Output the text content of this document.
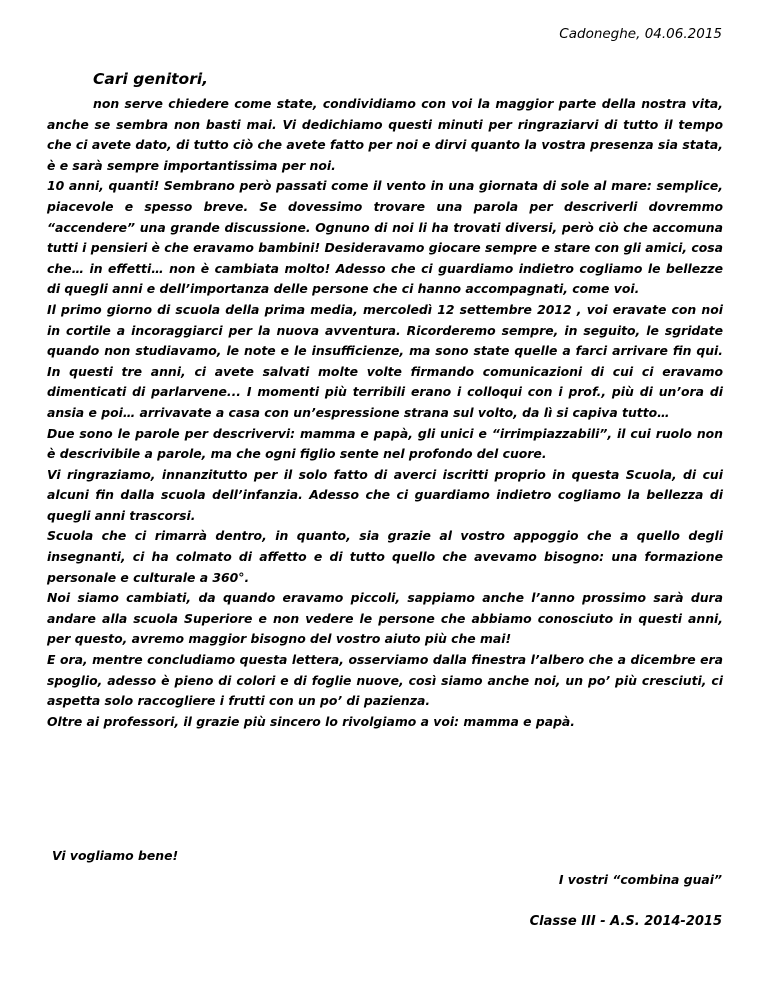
Cadoneghe, 04.06.2015
Cari genitori,

non serve chiedere come state, condividiamo con voi la maggior parte della nostra vita, anche se sembra non basti mai. Vi dedichiamo questi minuti per ringraziarvi di tutto il tempo che ci avete dato, di tutto ciò che avete fatto per noi e dirvi quanto la vostra presenza sia stata, è e sarà sempre importantissima per noi.

10 anni, quanti! Sembrano però passati come il vento in una giornata di sole al mare: semplice, piacevole e spesso breve. Se dovessimo trovare una parola per descriverli dovremmo “accendere” una grande discussione. Ognuno di noi li ha trovati diversi, però ciò che accomuna tutti i pensieri è che eravamo bambini! Desideravamo giocare sempre e stare con gli amici, cosa che… in effetti… non è cambiata molto! Adesso che ci guardiamo indietro cogliamo le bellezze di quegli anni e dell’importanza delle persone che ci hanno accompagnati, come voi.

Il primo giorno di scuola della prima media, mercoledì 12 settembre 2012 , voi eravate con noi in cortile a incoraggiarci per la nuova avventura. Ricorderemo sempre, in seguito, le sgridate quando non studiavamo, le note e le insufficienze, ma sono state quelle a farci arrivare fin qui. In questi tre anni, ci avete salvati molte volte firmando comunicazioni di cui ci eravamo dimenticati di parlarvene... I momenti più terribili erano i colloqui con i prof., più di un’ora di ansia e poi… arrivavate a casa con un’espressione strana sul volto, da lì si capiva tutto…

Due sono le parole per descrivervi: mamma e papà, gli unici e “irrimpiazzabili”, il cui ruolo non è descrivibile a parole, ma che ogni figlio sente nel profondo del cuore.

Vi ringraziamo, innanzitutto per il solo fatto di averci iscritti proprio in questa Scuola, di cui alcuni fin dalla scuola dell’infanzia. Adesso che ci guardiamo indietro cogliamo la bellezza di quegli anni trascorsi.

Scuola che ci rimarrà dentro, in quanto, sia grazie al vostro appoggio che a quello degli insegnanti, ci ha colmato di affetto e di tutto quello che avevamo bisogno: una formazione personale e culturale a 360°.

Noi siamo cambiati, da quando eravamo piccoli, sappiamo anche l’anno prossimo sarà dura andare alla scuola Superiore e non vedere le persone che abbiamo conosciuto in questi anni, per questo, avremo maggior bisogno del vostro aiuto più che mai!

E ora, mentre concludiamo questa lettera, osserviamo dalla finestra l’albero che a dicembre era spoglio, adesso è pieno di colori e di foglie nuove, così siamo anche noi, un po’ più cresciuti, ci aspetta solo raccogliere i frutti con un po’ di pazienza.

Oltre ai professori, il grazie più sincero lo rivolgiamo a voi: mamma e papà.

Vi vogliamo bene!
I vostri “combina guai”
Classe III - A.S. 2014-2015
